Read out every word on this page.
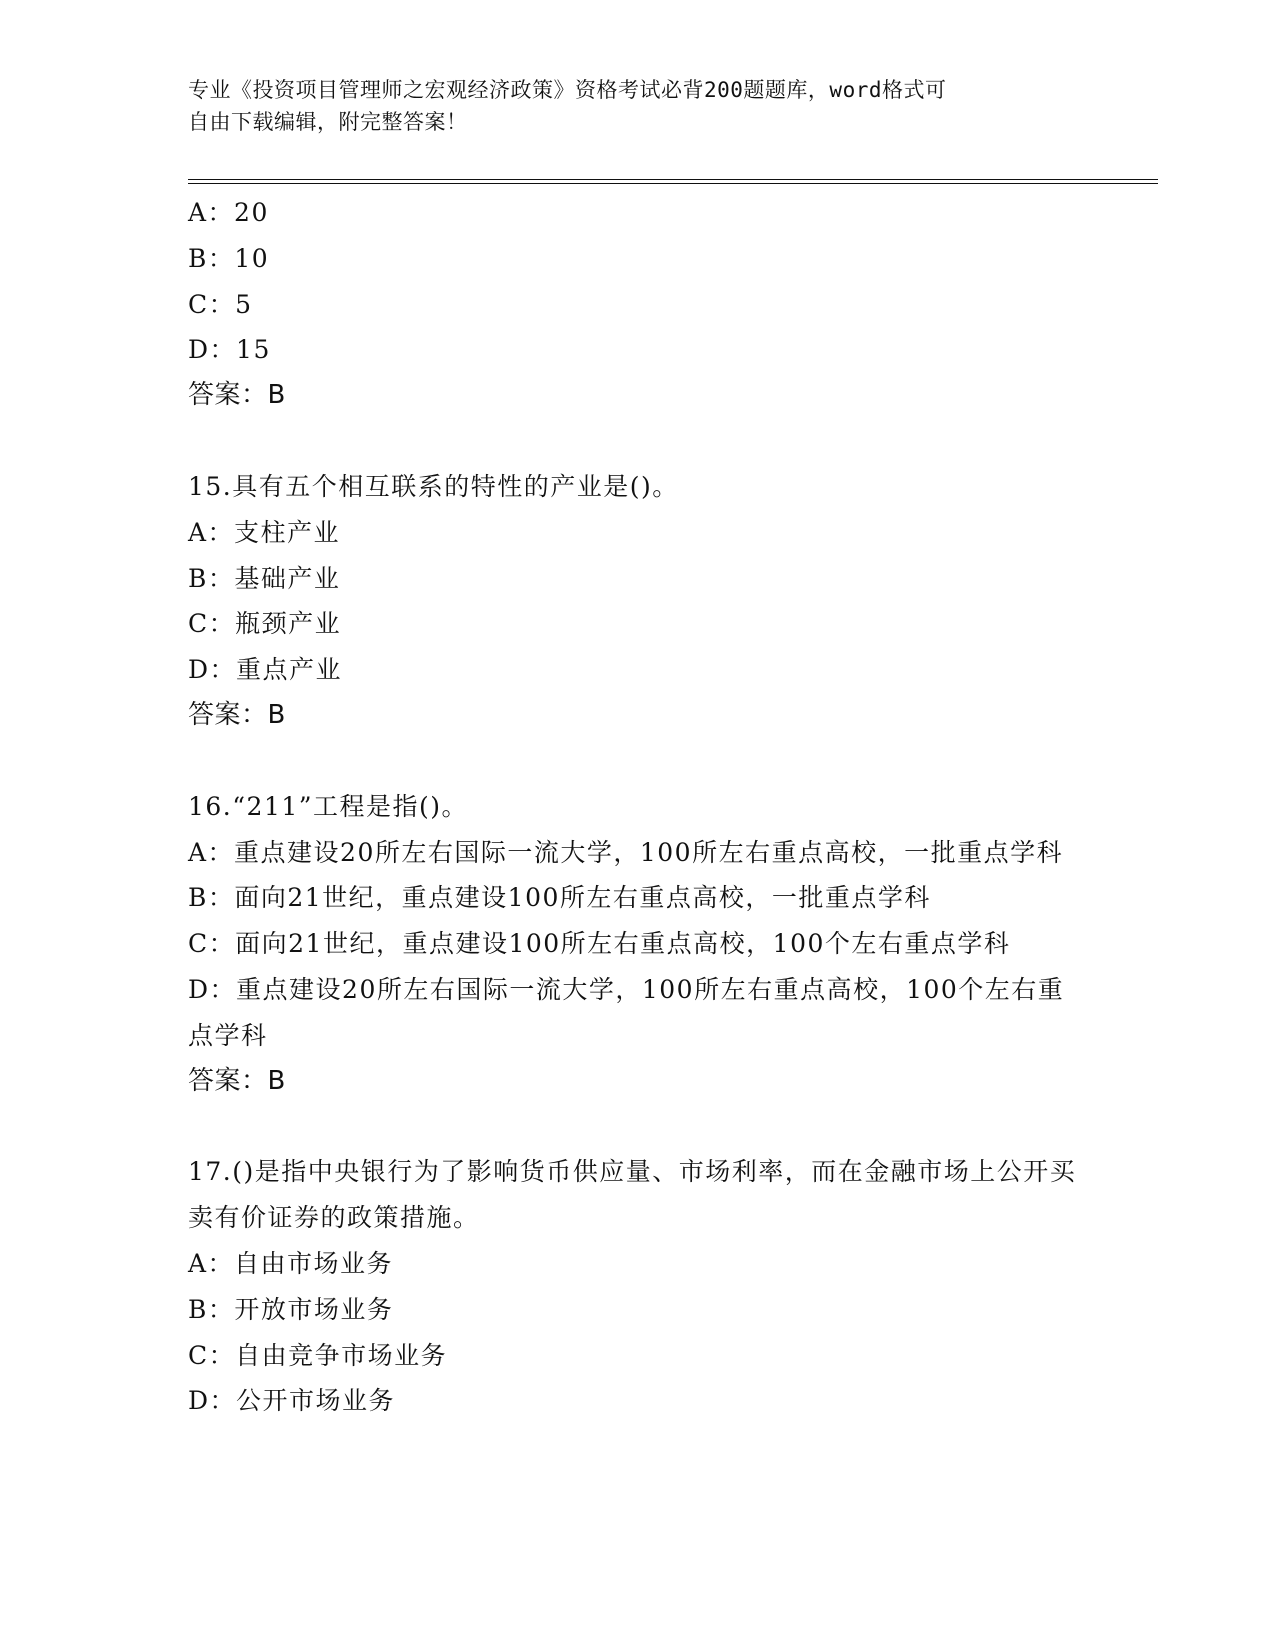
专业《投资项目管理师之宏观经济政策》资格考试必背200题题库，word格式可
自由下载编辑，附完整答案！

A：20

B：10

C：5

D：15

答案：B

15.具有五个相互联系的特性的产业是()。

A：支柱产业

B：基础产业

C：瓶颈产业

D：重点产业

答案：B

16.“211”工程是指()。

A：重点建设20所左右国际一流大学，100所左右重点高校，一批重点学科

B：面向21世纪，重点建设100所左右重点高校，一批重点学科

C：面向21世纪，重点建设100所左右重点高校，100个左右重点学科

D：重点建设20所左右国际一流大学，100所左右重点高校，100个左右重点学科

答案：B

17.()是指中央银行为了影响货币供应量、市场利率，而在金融市场上公开买卖有价证券的政策措施。

A：自由市场业务

B：开放市场业务

C：自由竞争市场业务

D：公开市场业务
